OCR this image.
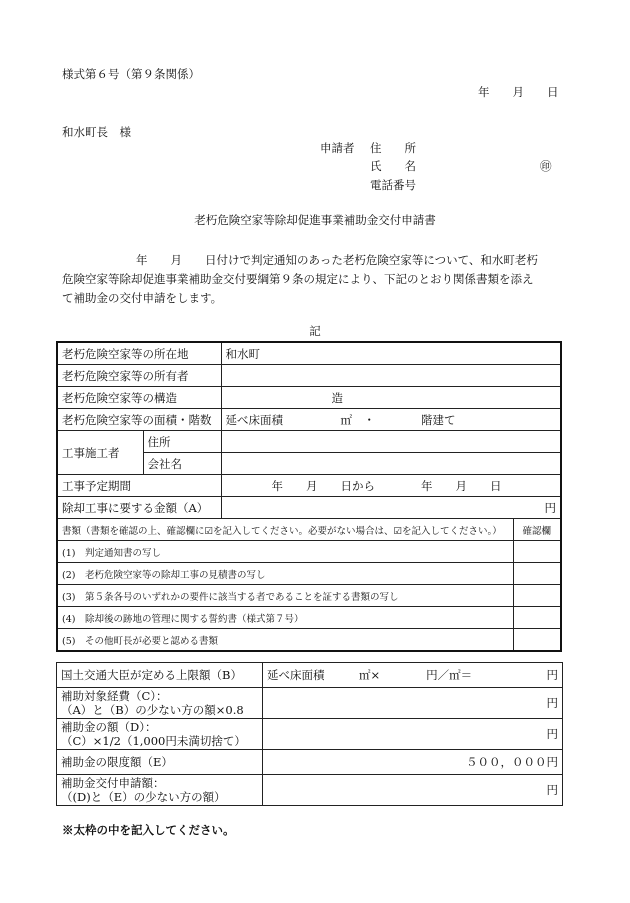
様式第６号（第９条関係）
年　　月　　日
和水町長　様
申請者 住　　所
氏　　名	㊞
電話番号
老朽危険空家等除却促進事業補助金交付申請書
年　　月　　日付けで判定通知のあった老朽危険空家等について、和水町老朽
危険空家等除却促進事業補助金交付要綱第９条の規定により、下記のとおり関係書類を添え
て補助金の交付申請をします。
記
老朽危険空家等の所在地		和水町	
老朽危険空家等の所有者			
老朽危険空家等の構造		造	
老朽危険空家等の面積・階数		延べ床面積　　　　　㎡　・　　　　階建て	
工事施工者	住所		
	会社名		
工事予定期間		年　　月　　日から　　　　年　　月　　日	
除却工事に要する金額（A）		円	
書類（書類を確認の上、確認欄に☑を記入してください。必要がない場合は、☑を記入してください。）			確認欄
(1)　判定通知書の写し			
(2)　老朽危険空家等の除却工事の見積書の写し			
(3)　第５条各号のいずれかの要件に該当する者であることを証する書類の写し			
(4)　除却後の跡地の管理に関する誓約書（様式第７号）			
(5)　その他町長が必要と認める書類			
国土交通大臣が定める上限額（B）	延べ床面積　　　㎡×　　　　円／㎡＝ 円

補助対象経費（C）：
（A）と（B）の少ない方の額×0.8	円

補助金の額（D）：
（C）×1/2（1,000円未満切捨て）	円
補助金の限度額（E）	５００，０００円

補助金交付申請額：
（(D)と（E）の少ない方の額）	円
※太枠の中を記入してください。
